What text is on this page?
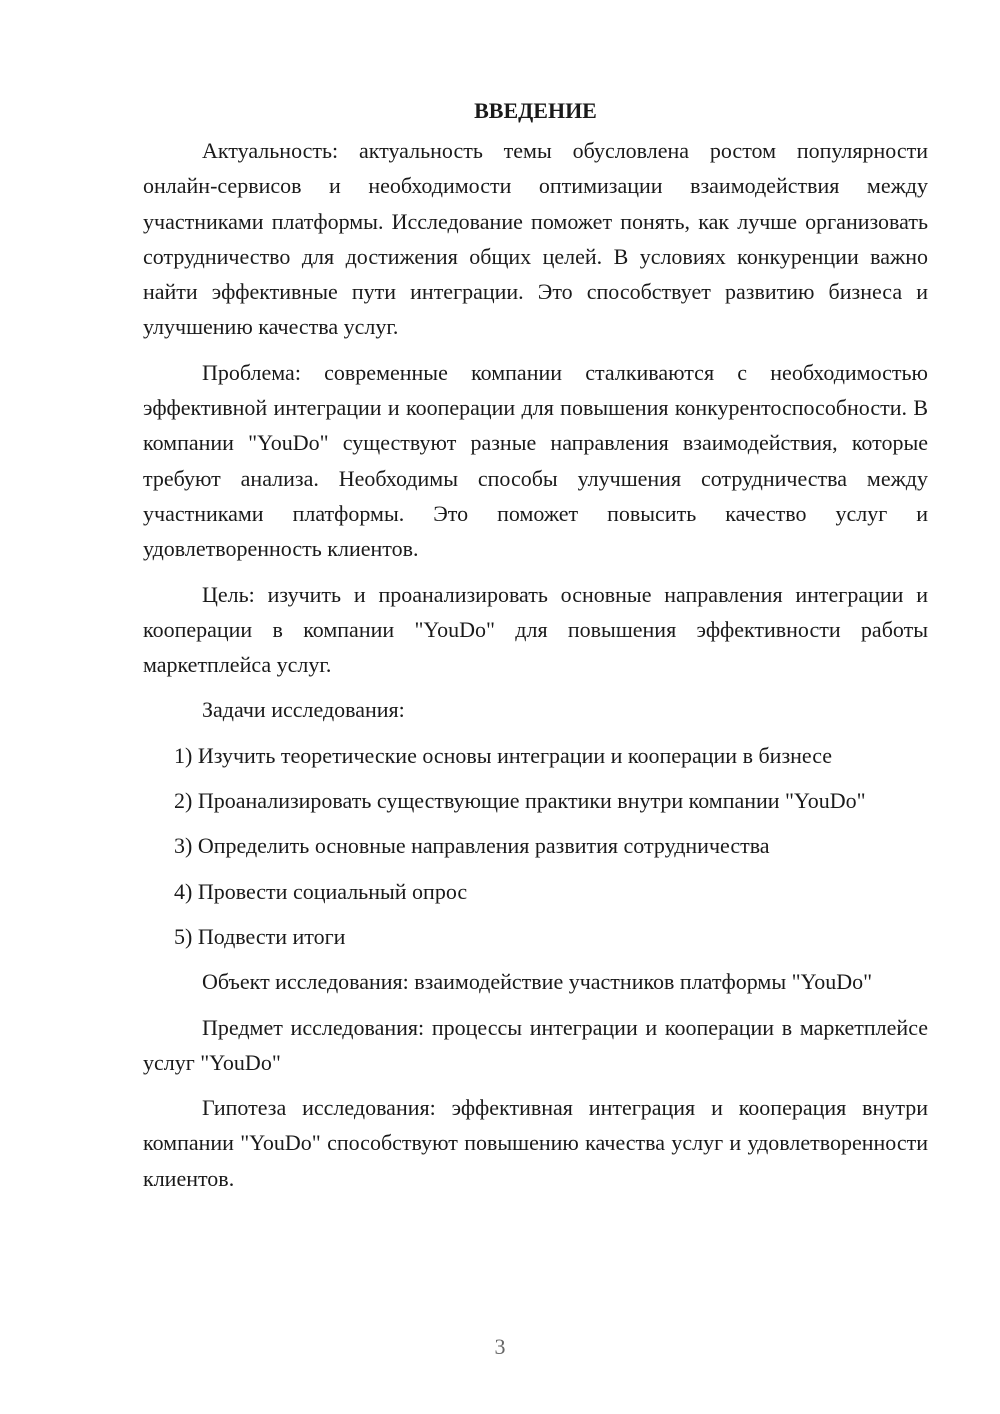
ВВЕДЕНИЕ

Актуальность: актуальность темы обусловлена ростом популярности онлайн-сервисов и необходимости оптимизации взаимодействия между участниками платформы. Исследование поможет понять, как лучше организовать сотрудничество для достижения общих целей. В условиях конкуренции важно найти эффективные пути интеграции. Это способствует развитию бизнеса и улучшению качества услуг.

Проблема: современные компании сталкиваются с необходимостью эффективной интеграции и кооперации для повышения конкурентоспособности. В компании "YouDo" существуют разные направления взаимодействия, которые требуют анализа. Необходимы способы улучшения сотрудничества между участниками платформы. Это поможет повысить качество услуг и удовлетворенность клиентов.

Цель: изучить и проанализировать основные направления интеграции и кооперации в компании "YouDo" для повышения эффективности работы маркетплейса услуг.

Задачи исследования:

1) Изучить теоретические основы интеграции и кооперации в бизнесе

2) Проанализировать существующие практики внутри компании "YouDo"

3) Определить основные направления развития сотрудничества

4) Провести социальный опрос

5) Подвести итоги

Объект исследования: взаимодействие участников платформы "YouDo"

Предмет исследования: процессы интеграции и кооперации в маркетплейсе услуг "YouDo"

Гипотеза исследования: эффективная интеграция и кооперация внутри компании "YouDo" способствуют повышению качества услуг и удовлетворенности клиентов.

3
